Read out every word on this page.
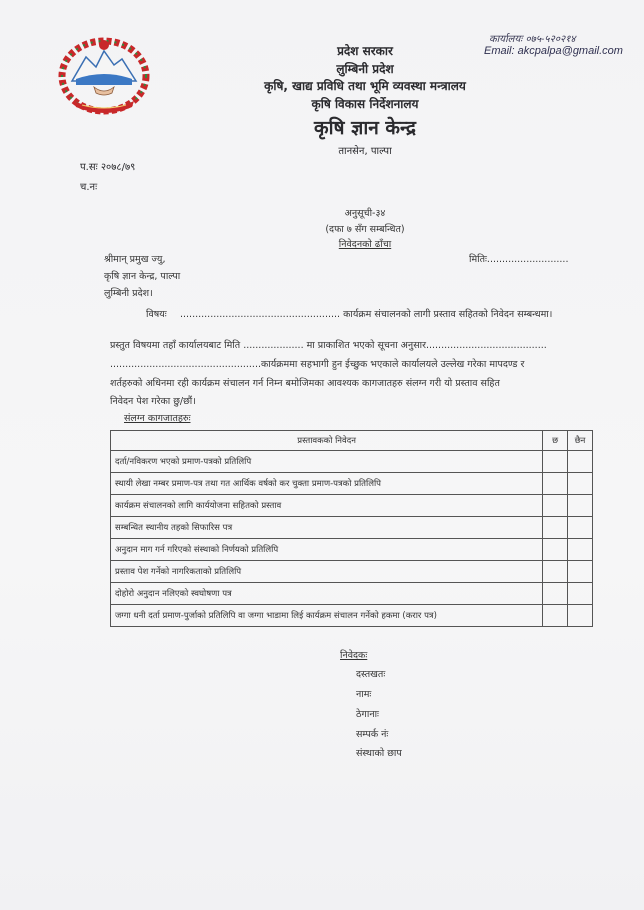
कार्यालयः ०७५-५२०२१४
Email: akcpalpa@gmail.com
प्रदेश सरकार
लुम्बिनी प्रदेश
कृषि, खाद्य प्रविधि तथा भूमि व्यवस्था मन्त्रालय
कृषि विकास निर्देशनालय
कृषि ज्ञान केन्द्र
तानसेन, पाल्पा
प.सः २०७८/७९
च.नः
अनुसूची-३४
(दफा ७ सँग सम्बन्धित)
निवेदनको ढाँचा
श्रीमान् प्रमुख ज्यु,
कृषि ज्ञान केन्द्र, पाल्पा
लुम्बिनी प्रदेश।
मितिः...........................
विषयः ..................................................... कार्यक्रम संचालनको लागी प्रस्ताव सहितको निवेदन सम्बन्धमा।
प्रस्तुत विषयमा तहाँ कार्यालयबाट मिति .................... मा प्राकाशित भएको सूचना अनुसार........................................
..................................................कार्यक्रममा सहभागी हुन ईच्छुक भएकाले कार्यालयले उल्लेख गरेका मापदण्ड र
शर्तहरुको अधिनमा रही कार्यक्रम संचालन गर्न निम्न बमोजिमका आवश्यक कागजातहरु संलग्न गरी यो प्रस्ताव सहित
निवेदन पेश गरेका छु/छौं।
संलग्न कागजातहरुः
प्रस्तावकको निवेदन	छ	छैन
दर्ता/नविकरण भएको प्रमाण-पत्रको प्रतिलिपि		
स्थायी लेखा नम्बर प्रमाण-पत्र तथा गत आर्थिक वर्षको कर चुक्ता प्रमाण-पत्रको प्रतिलिपि		
कार्यक्रम संचालनको लागि कार्ययोजना सहितको प्रस्ताव		
सम्बन्धित स्थानीय तहको सिफारिस पत्र		
अनुदान माग गर्न गरिएको संस्थाको निर्णयको प्रतिलिपि		
प्रस्ताव पेश गर्नेको नागरिकताको प्रतिलिपि		
दोहोरो अनुदान नलिएको स्वघोषणा पत्र		
जग्गा धनी दर्ता प्रमाण-पुर्जाको प्रतिलिपि वा जग्गा भाडामा लिई कार्यक्रम संचालन गर्नेको हकमा (करार पत्र)		
निवेदकः
दस्तखतः
नामः
ठेगानाः
सम्पर्क नंः
संस्थाको छाप
